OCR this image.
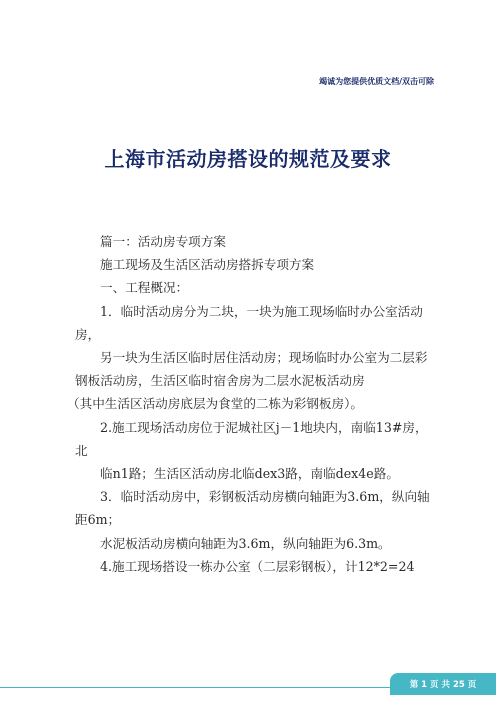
竭诚为您提供优质文档/双击可除
上海市活动房搭设的规范及要求

篇一：活动房专项方案

施工现场及生活区活动房搭拆专项方案

一、工程概况：

1．临时活动房分为二块，一块为施工现场临时办公室活动房，

另一块为生活区临时居住活动房；现场临时办公室为二层彩钢板活动房，生活区临时宿舍房为二层水泥板活动房

（其中生活区活动房底层为食堂的二栋为彩钢板房）。

2.施工现场活动房位于泥城社区j－1地块内，南临13#房，北

临n1路；生活区活动房北临dex3路，南临dex4e路。

3．临时活动房中，彩钢板活动房横向轴距为3.6m，纵向轴距6m；

水泥板活动房横向轴距为3.6m，纵向轴距为6.3m。

4.施工现场搭设一栋办公室（二层彩钢板），计12*2=24

第 1 页 共 25 页
